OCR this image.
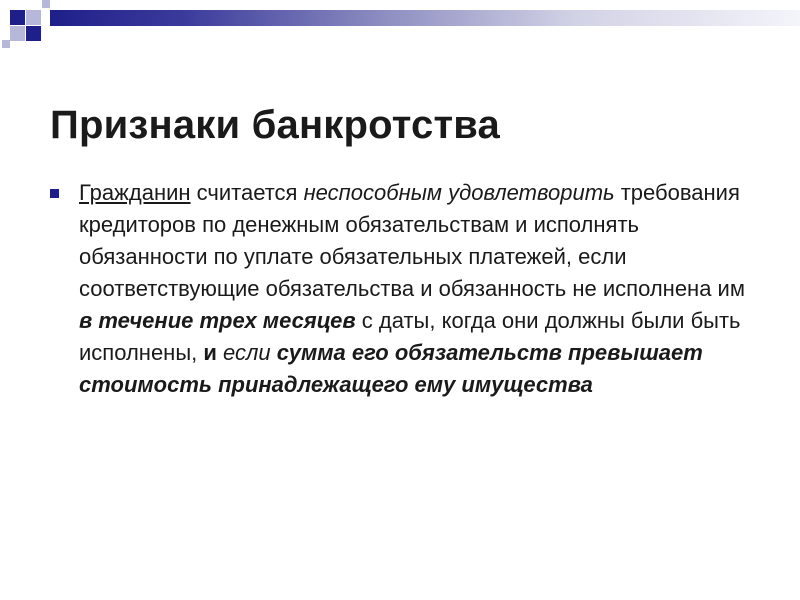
Признаки банкротства

Гражданин считается неспособным удовлетворить требования кредиторов по денежным обязательствам и исполнять обязанности по уплате обязательных платежей, если соответствующие обязательства и обязанность не исполнена им в течение трех месяцев с даты, когда они должны были быть исполнены, и если сумма его обязательств превышает стоимость принадлежащего ему имущества
